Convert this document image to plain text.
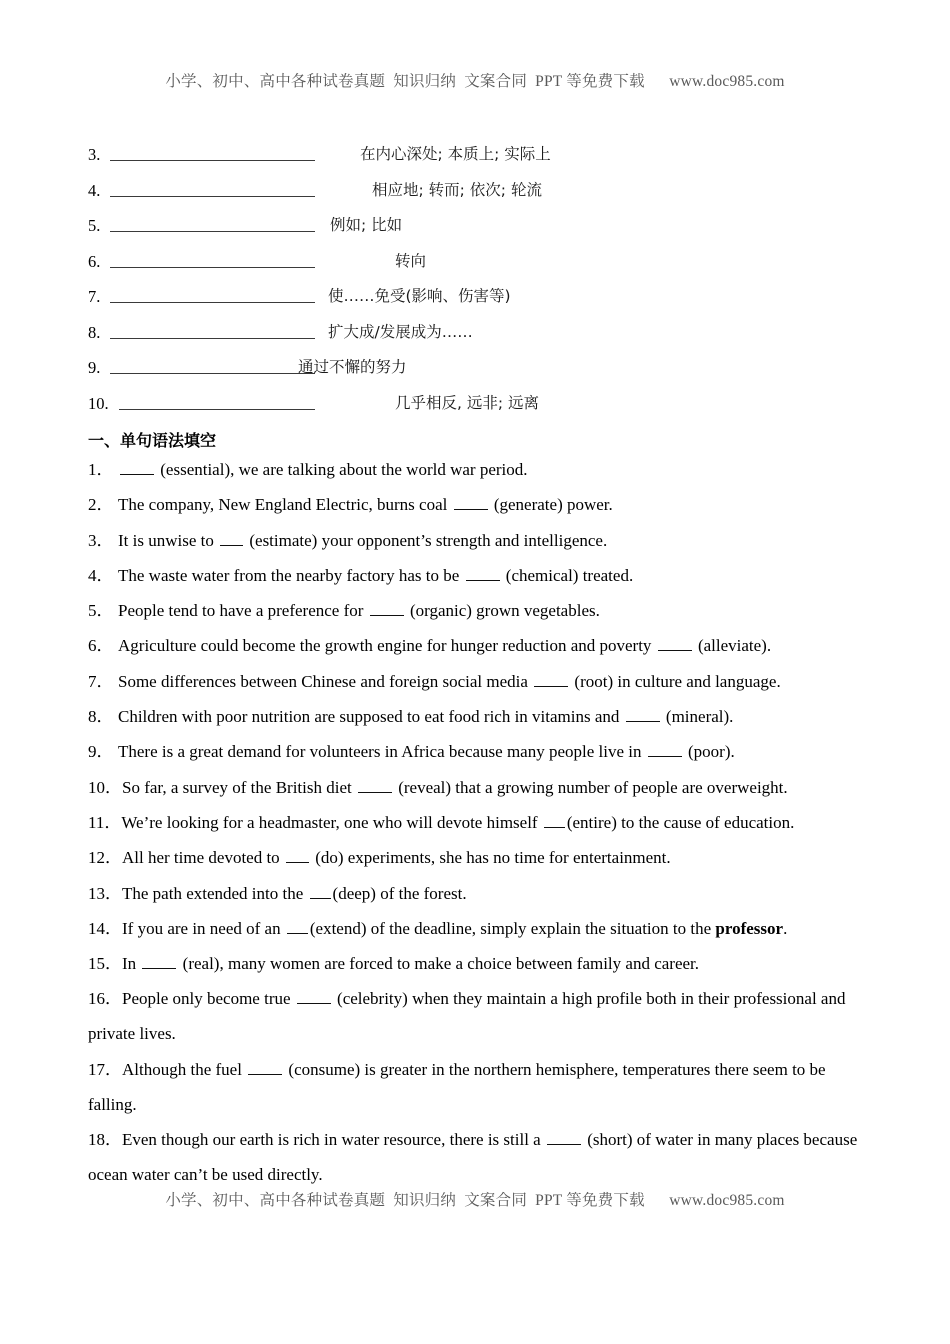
小学、初中、高中各种试卷真题  知识归纳  文案合同  PPT 等免费下载      www.doc985.com
3.	在内心深处; 本质上; 实际上
4.	相应地; 转而; 依次; 轮流
5.	例如; 比如
6.	转向
7.	使……免受(影响、伤害等)
8.	扩大成/发展成为……
9.	通过不懈的努力
10.	几乎相反, 远非; 远离
一、单句语法填空
1．	(essential), we are talking about the world war period.
2． The company, New England Electric, burns coal  (generate) power.
3． It is unwise to  (estimate) your opponent’s strength and intelligence.
4． The waste water from the nearby factory has to be  (chemical) treated.
5． People tend to have a preference for  (organic) grown vegetables.
6． Agriculture could become the growth engine for hunger reduction and poverty  (alleviate).
7． Some differences between Chinese and foreign social media  (root) in culture and language.
8． Children with poor nutrition are supposed to eat food rich in vitamins and  (mineral).
9． There is a great demand for volunteers in Africa because many people live in  (poor).
10．So far, a survey of the British diet  (reveal) that a growing number of people are overweight.
11．We’re looking for a headmaster, one who will devote himself (entire) to the cause of education.
12．All her time devoted to  (do) experiments, she has no time for entertainment.
13．The path extended into the (deep) of the forest.
14．If you are in need of an (extend) of the deadline, simply explain the situation to the professor.
15．In  (real), many women are forced to make a choice between family and career.
16．People only become true  (celebrity) when they maintain a high profile both in their professional and
private lives.
17．Although the fuel  (consume) is greater in the northern hemisphere, temperatures there seem to be
falling.
18．Even though our earth is rich in water resource, there is still a  (short) of water in many places because
ocean water can’t be used directly.
小学、初中、高中各种试卷真题  知识归纳  文案合同  PPT 等免费下载      www.doc985.com
